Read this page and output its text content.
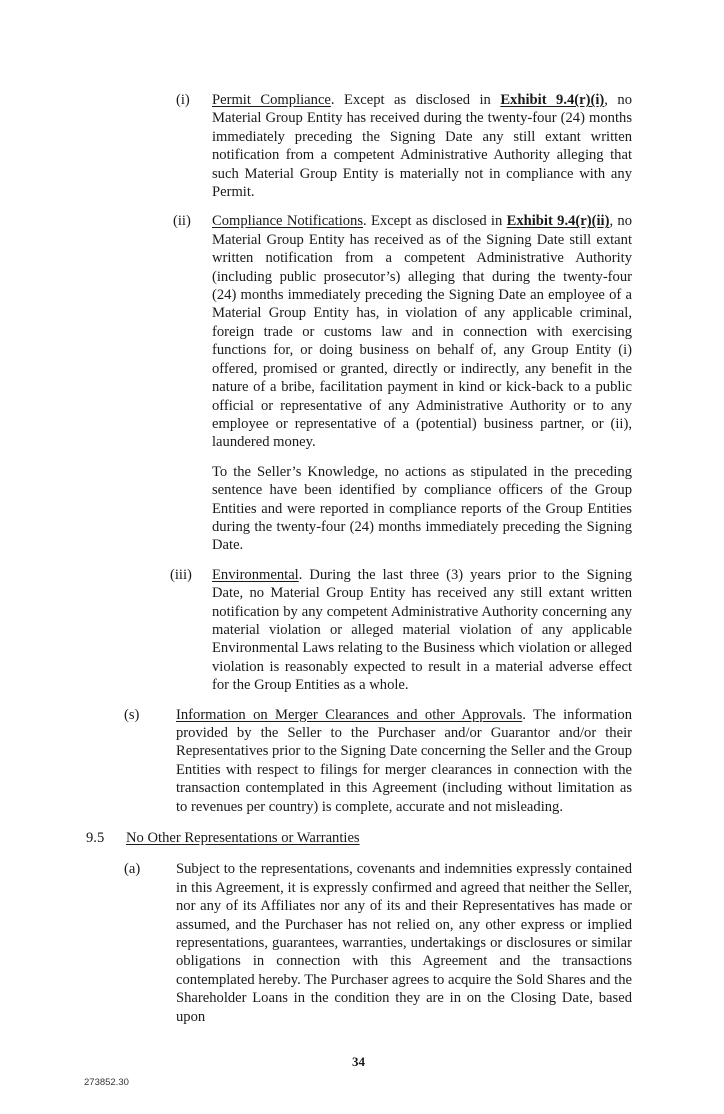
(i) Permit Compliance. Except as disclosed in Exhibit 9.4(r)(i), no Material Group Entity has received during the twenty-four (24) months immediately preceding the Signing Date any still extant written notification from a competent Administrative Authority alleging that such Material Group Entity is materially not in compliance with any Permit.
(ii) Compliance Notifications. Except as disclosed in Exhibit 9.4(r)(ii), no Material Group Entity has received as of the Signing Date still extant written notification from a competent Administrative Authority (including public prosecutor’s) alleging that during the twenty-four (24) months immediately preceding the Signing Date an employee of a Material Group Entity has, in violation of any applicable criminal, foreign trade or customs law and in connection with exercising functions for, or doing business on behalf of, any Group Entity (i) offered, promised or granted, directly or indirectly, any benefit in the nature of a bribe, facilitation payment in kind or kick-back to a public official or representative of any Administrative Authority or to any employee or representative of a (potential) business partner, or (ii), laundered money.
To the Seller’s Knowledge, no actions as stipulated in the preceding sentence have been identified by compliance officers of the Group Entities and were reported in compliance reports of the Group Entities during the twenty-four (24) months immediately preceding the Signing Date.
(iii) Environmental. During the last three (3) years prior to the Signing Date, no Material Group Entity has received any still extant written notification by any competent Administrative Authority concerning any material violation or alleged material violation of any applicable Environmental Laws relating to the Business which violation or alleged violation is reasonably expected to result in a material adverse effect for the Group Entities as a whole.
(s)	Information on Merger Clearances and other Approvals. The information provided by the Seller to the Purchaser and/or Guarantor and/or their Representatives prior to the Signing Date concerning the Seller and the Group Entities with respect to filings for merger clearances in connection with the transaction contemplated in this Agreement (including without limitation as to revenues per country) is complete, accurate and not misleading.
9.5 No Other Representations or Warranties
(a) Subject to the representations, covenants and indemnities expressly contained in this Agreement, it is expressly confirmed and agreed that neither the Seller, nor any of its Affiliates nor any of its and their Representatives has made or assumed, and the Purchaser has not relied on, any other express or implied representations, guarantees, warranties, undertakings or disclosures or similar obligations in connection with this Agreement and the transactions contemplated hereby. The Purchaser agrees to acquire the Sold Shares and the Shareholder Loans in the condition they are in on the Closing Date, based upon
34
273852.30
